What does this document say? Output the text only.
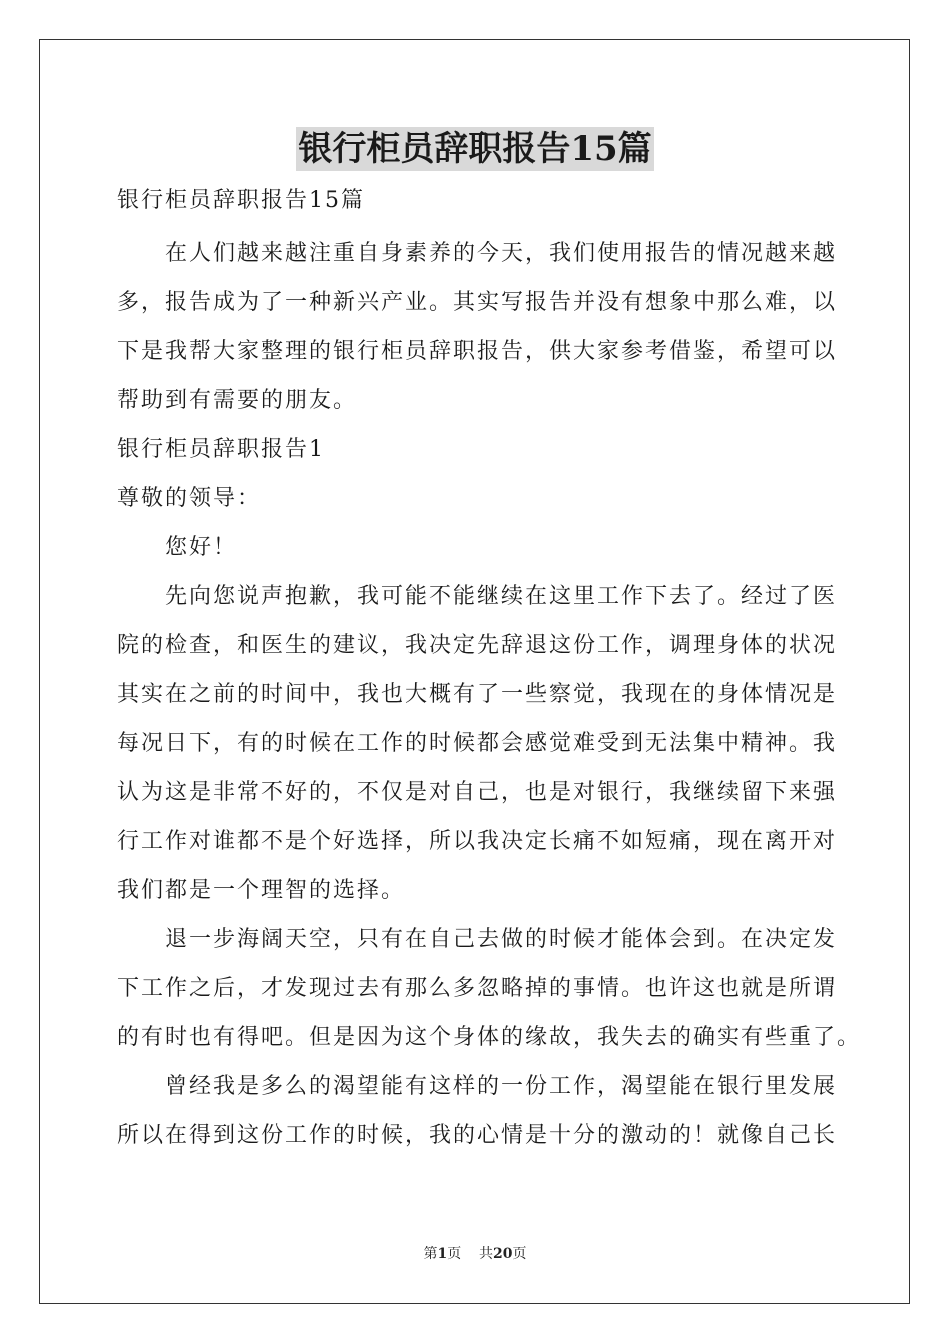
银行柜员辞职报告15篇
银行柜员辞职报告15篇
在人们越来越注重自身素养的今天，我们使用报告的情况越来越
多，报告成为了一种新兴产业。其实写报告并没有想象中那么难，以
下是我帮大家整理的银行柜员辞职报告，供大家参考借鉴，希望可以
帮助到有需要的朋友。
银行柜员辞职报告1
尊敬的领导：
您好！
先向您说声抱歉，我可能不能继续在这里工作下去了。经过了医
院的检查，和医生的建议，我决定先辞退这份工作，调理身体的状况
其实在之前的时间中，我也大概有了一些察觉，我现在的身体情况是
每况日下，有的时候在工作的时候都会感觉难受到无法集中精神。我
认为这是非常不好的，不仅是对自己，也是对银行，我继续留下来强
行工作对谁都不是个好选择，所以我决定长痛不如短痛，现在离开对
我们都是一个理智的选择。
退一步海阔天空，只有在自己去做的时候才能体会到。在决定发
下工作之后，才发现过去有那么多忽略掉的事情。也许这也就是所谓
的有时也有得吧。但是因为这个身体的缘故，我失去的确实有些重了。
曾经我是多么的渴望能有这样的一份工作，渴望能在银行里发展
所以在得到这份工作的时候，我的心情是十分的激动的！就像自己长
第1页 共20页
